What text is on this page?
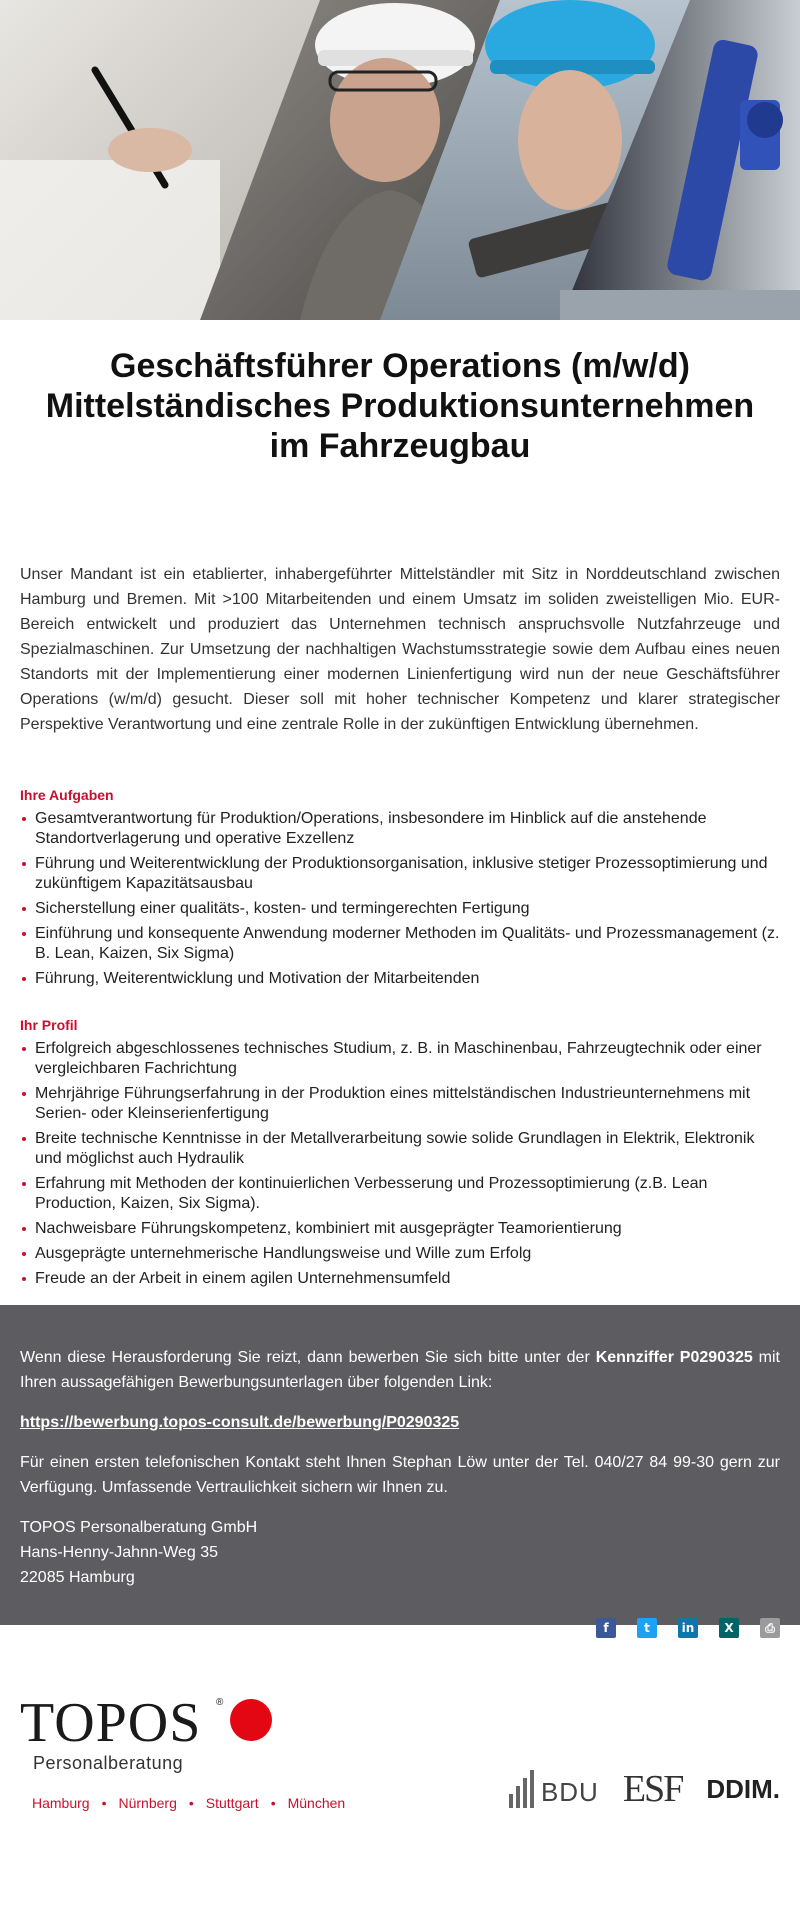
Geschäftsführer Operations (m/w/d)
Mittelständisches Produktionsunternehmen
im Fahrzeugbau

Unser Mandant ist ein etablierter, inhabergeführter Mittelständler mit Sitz in Norddeutschland zwischen Hamburg und Bremen. Mit >100 Mitarbeitenden und einem Umsatz im soliden zweistelligen Mio. EUR-Bereich entwickelt und produziert das Unternehmen technisch anspruchsvolle Nutzfahrzeuge und Spezialmaschinen. Zur Umsetzung der nachhaltigen Wachstumsstrategie sowie dem Aufbau eines neuen Standorts mit der Implementierung einer modernen Linienfertigung wird nun der neue Geschäftsführer Operations (w/m/d) gesucht. Dieser soll mit hoher technischer Kompetenz und klarer strategischer Perspektive Verantwortung und eine zentrale Rolle in der zukünftigen Entwicklung übernehmen.

Ihre Aufgaben
Gesamtverantwortung für Produktion/Operations, insbesondere im Hinblick auf die anstehende Standortverlagerung und operative Exzellenz
Führung und Weiterentwicklung der Produktionsorganisation, inklusive stetiger Prozessoptimierung und zukünftigem Kapazitätsausbau
Sicherstellung einer qualitäts-, kosten- und termingerechten Fertigung
Einführung und konsequente Anwendung moderner Methoden im Qualitäts- und Prozessmanagement (z. B. Lean, Kaizen, Six Sigma)
Führung, Weiterentwicklung und Motivation der Mitarbeitenden
Ihr Profil
Erfolgreich abgeschlossenes technisches Studium, z. B. in Maschinenbau, Fahrzeugtechnik oder einer vergleichbaren Fachrichtung
Mehrjährige Führungserfahrung in der Produktion eines mittelständischen Industrieunternehmens mit Serien- oder Kleinserienfertigung
Breite technische Kenntnisse in der Metallverarbeitung sowie solide Grundlagen in Elektrik, Elektronik und möglichst auch Hydraulik
Erfahrung mit Methoden der kontinuierlichen Verbesserung und Prozessoptimierung (z.B. Lean Production, Kaizen, Six Sigma).
Nachweisbare Führungskompetenz, kombiniert mit ausgeprägter Teamorientierung
Ausgeprägte unternehmerische Handlungsweise und Wille zum Erfolg
Freude an der Arbeit in einem agilen Unternehmensumfeld

Wenn diese Herausforderung Sie reizt, dann bewerben Sie sich bitte unter der Kennziffer P0290325 mit Ihren aussagefähigen Bewerbungsunterlagen über folgenden Link:

https://bewerbung.topos-consult.de/bewerbung/P0290325

Für einen ersten telefonischen Kontakt steht Ihnen Stephan Löw unter der Tel. 040/27 84 99-30 gern zur Verfügung. Umfassende Vertraulichkeit sichern wir Ihnen zu.

TOPOS Personalberatung GmbH
Hans-Henny-Jahnn-Weg 35
22085 Hamburg
f	t	in	X	⎙
TOPOS ®
Personalberatung
Hamburg • Nürnberg • Stuttgart • München	BDU ESF DDIM.
